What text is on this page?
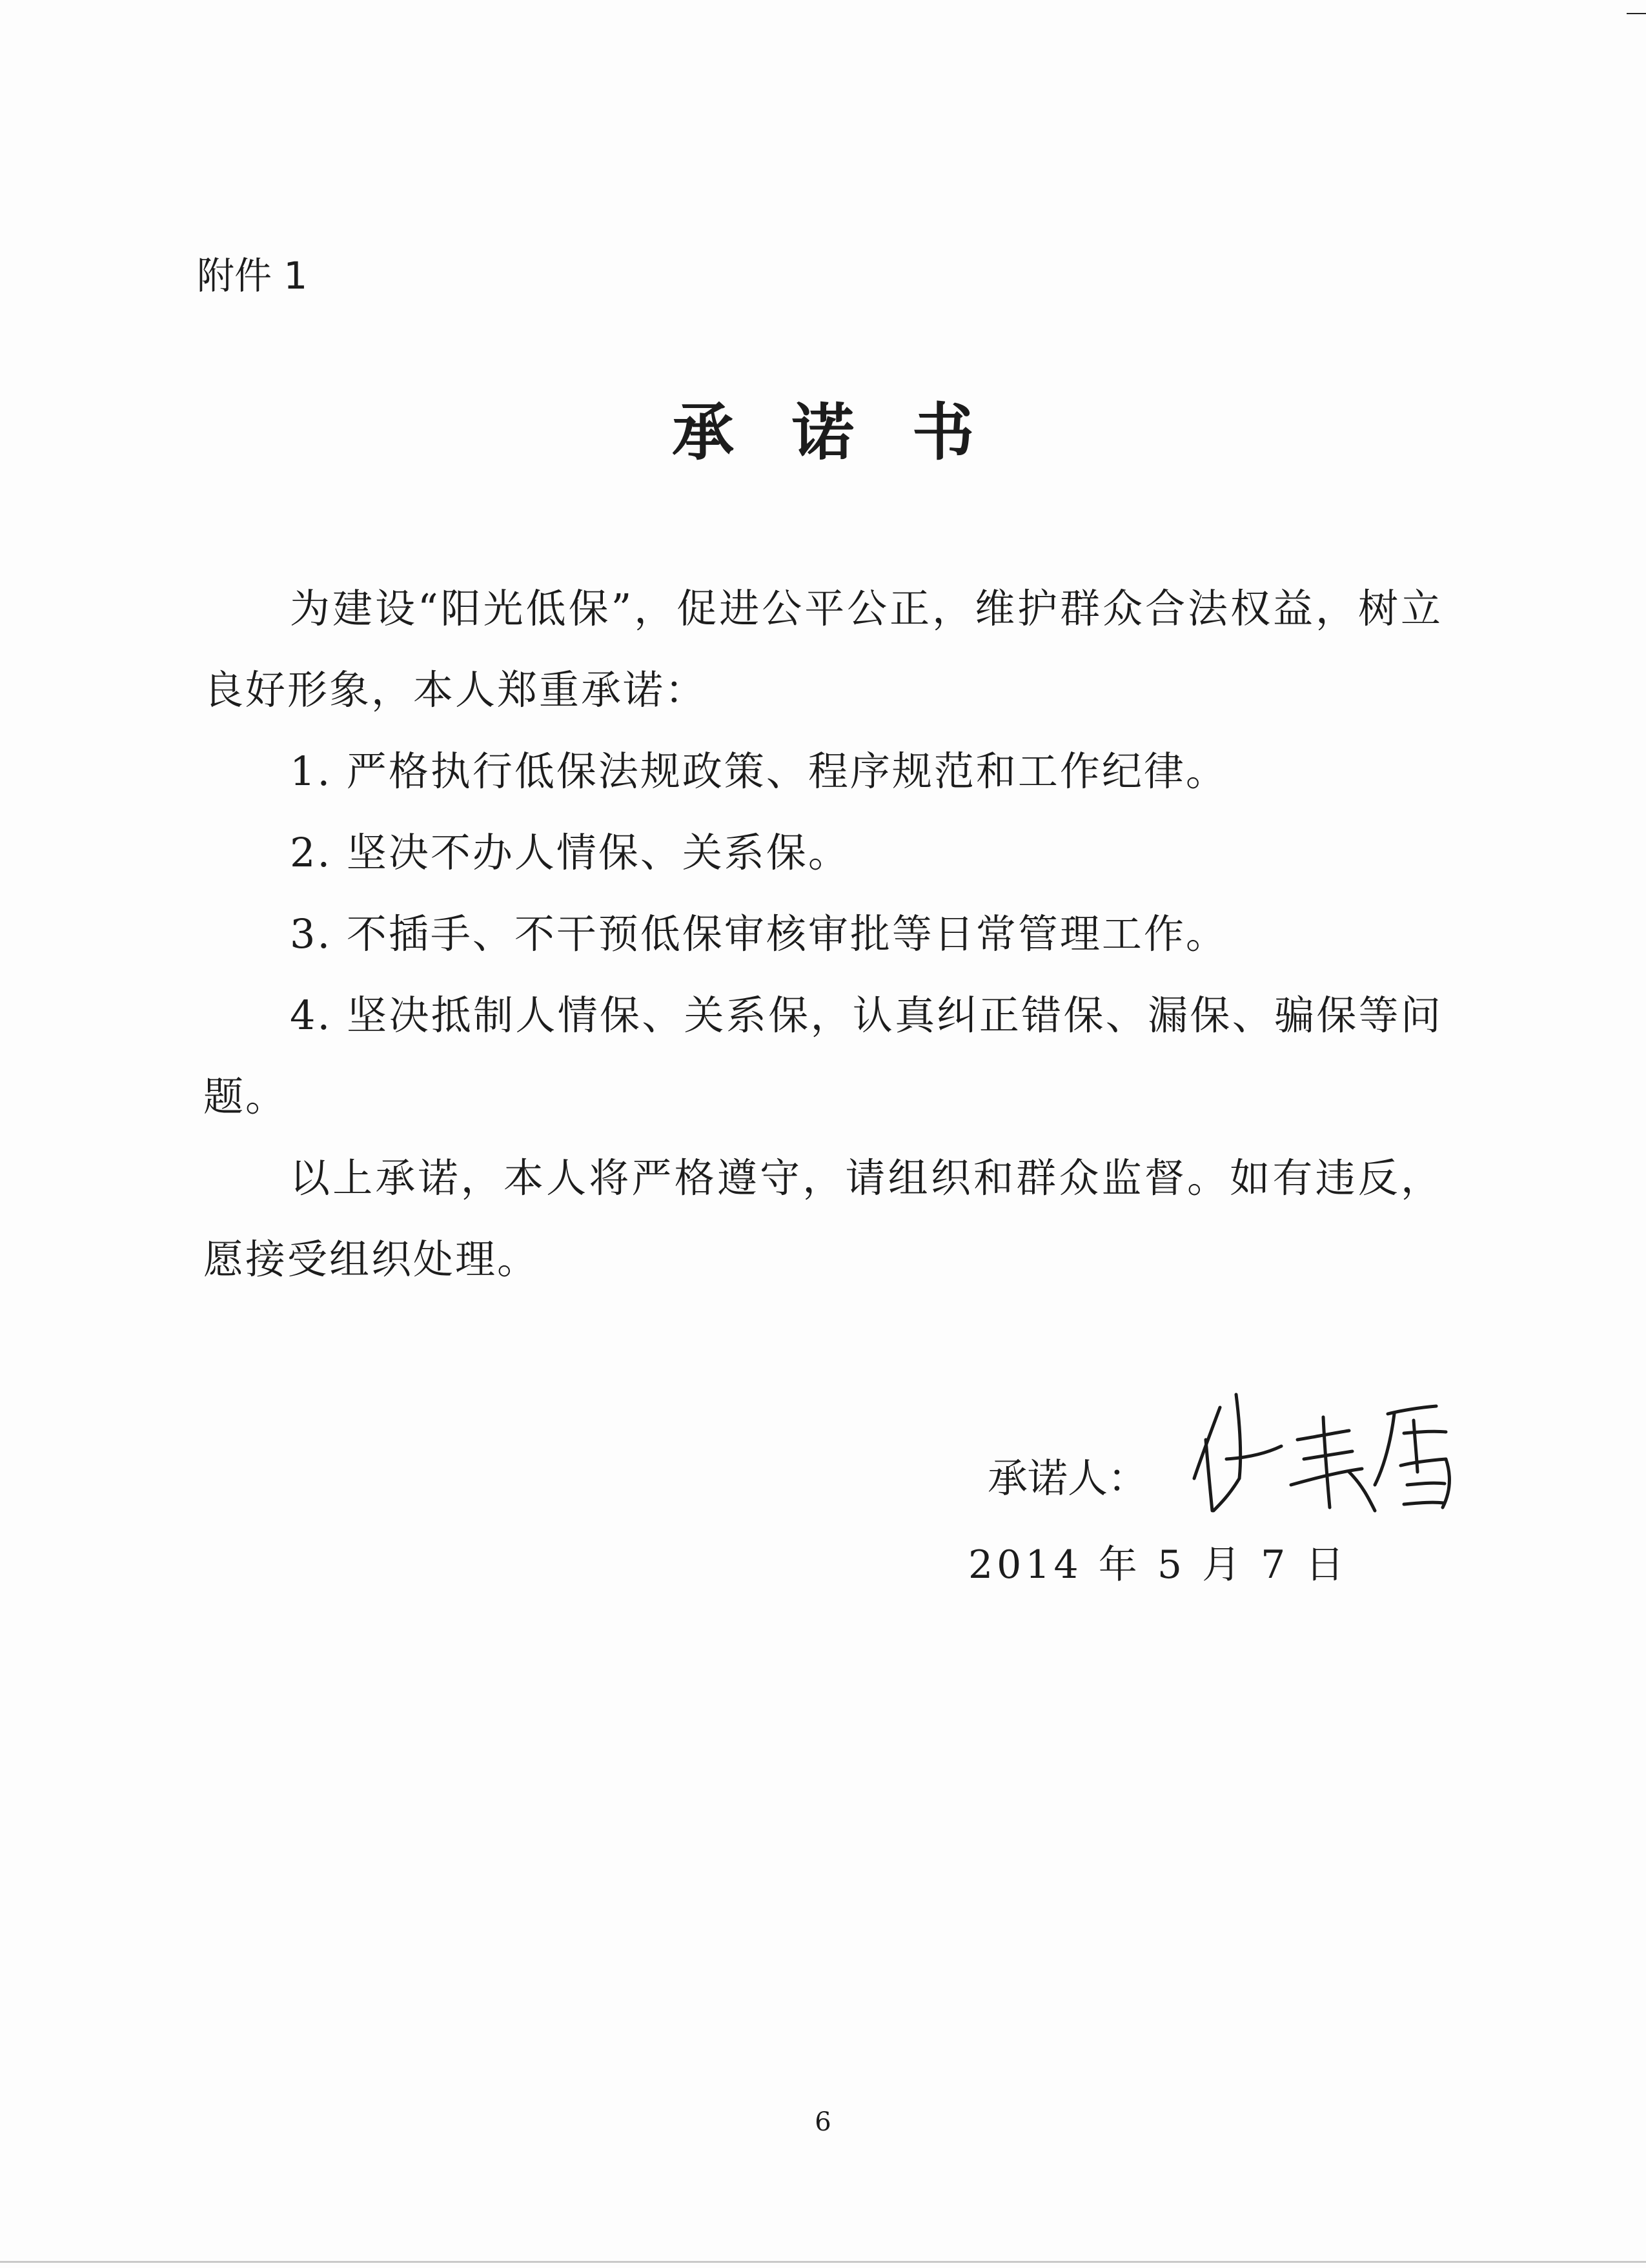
附件 1
承诺书

为建设“阳光低保”，促进公平公正，维护群众合法权益，树立良好形象，本人郑重承诺：

1. 严格执行低保法规政策、程序规范和工作纪律。

2. 坚决不办人情保、关系保。

3. 不插手、不干预低保审核审批等日常管理工作。

4. 坚决抵制人情保、关系保，认真纠正错保、漏保、骗保等问题。

以上承诺，本人将严格遵守，请组织和群众监督。如有违反，愿接受组织处理。

承诺人：
2014 年 5 月 7 日
6
